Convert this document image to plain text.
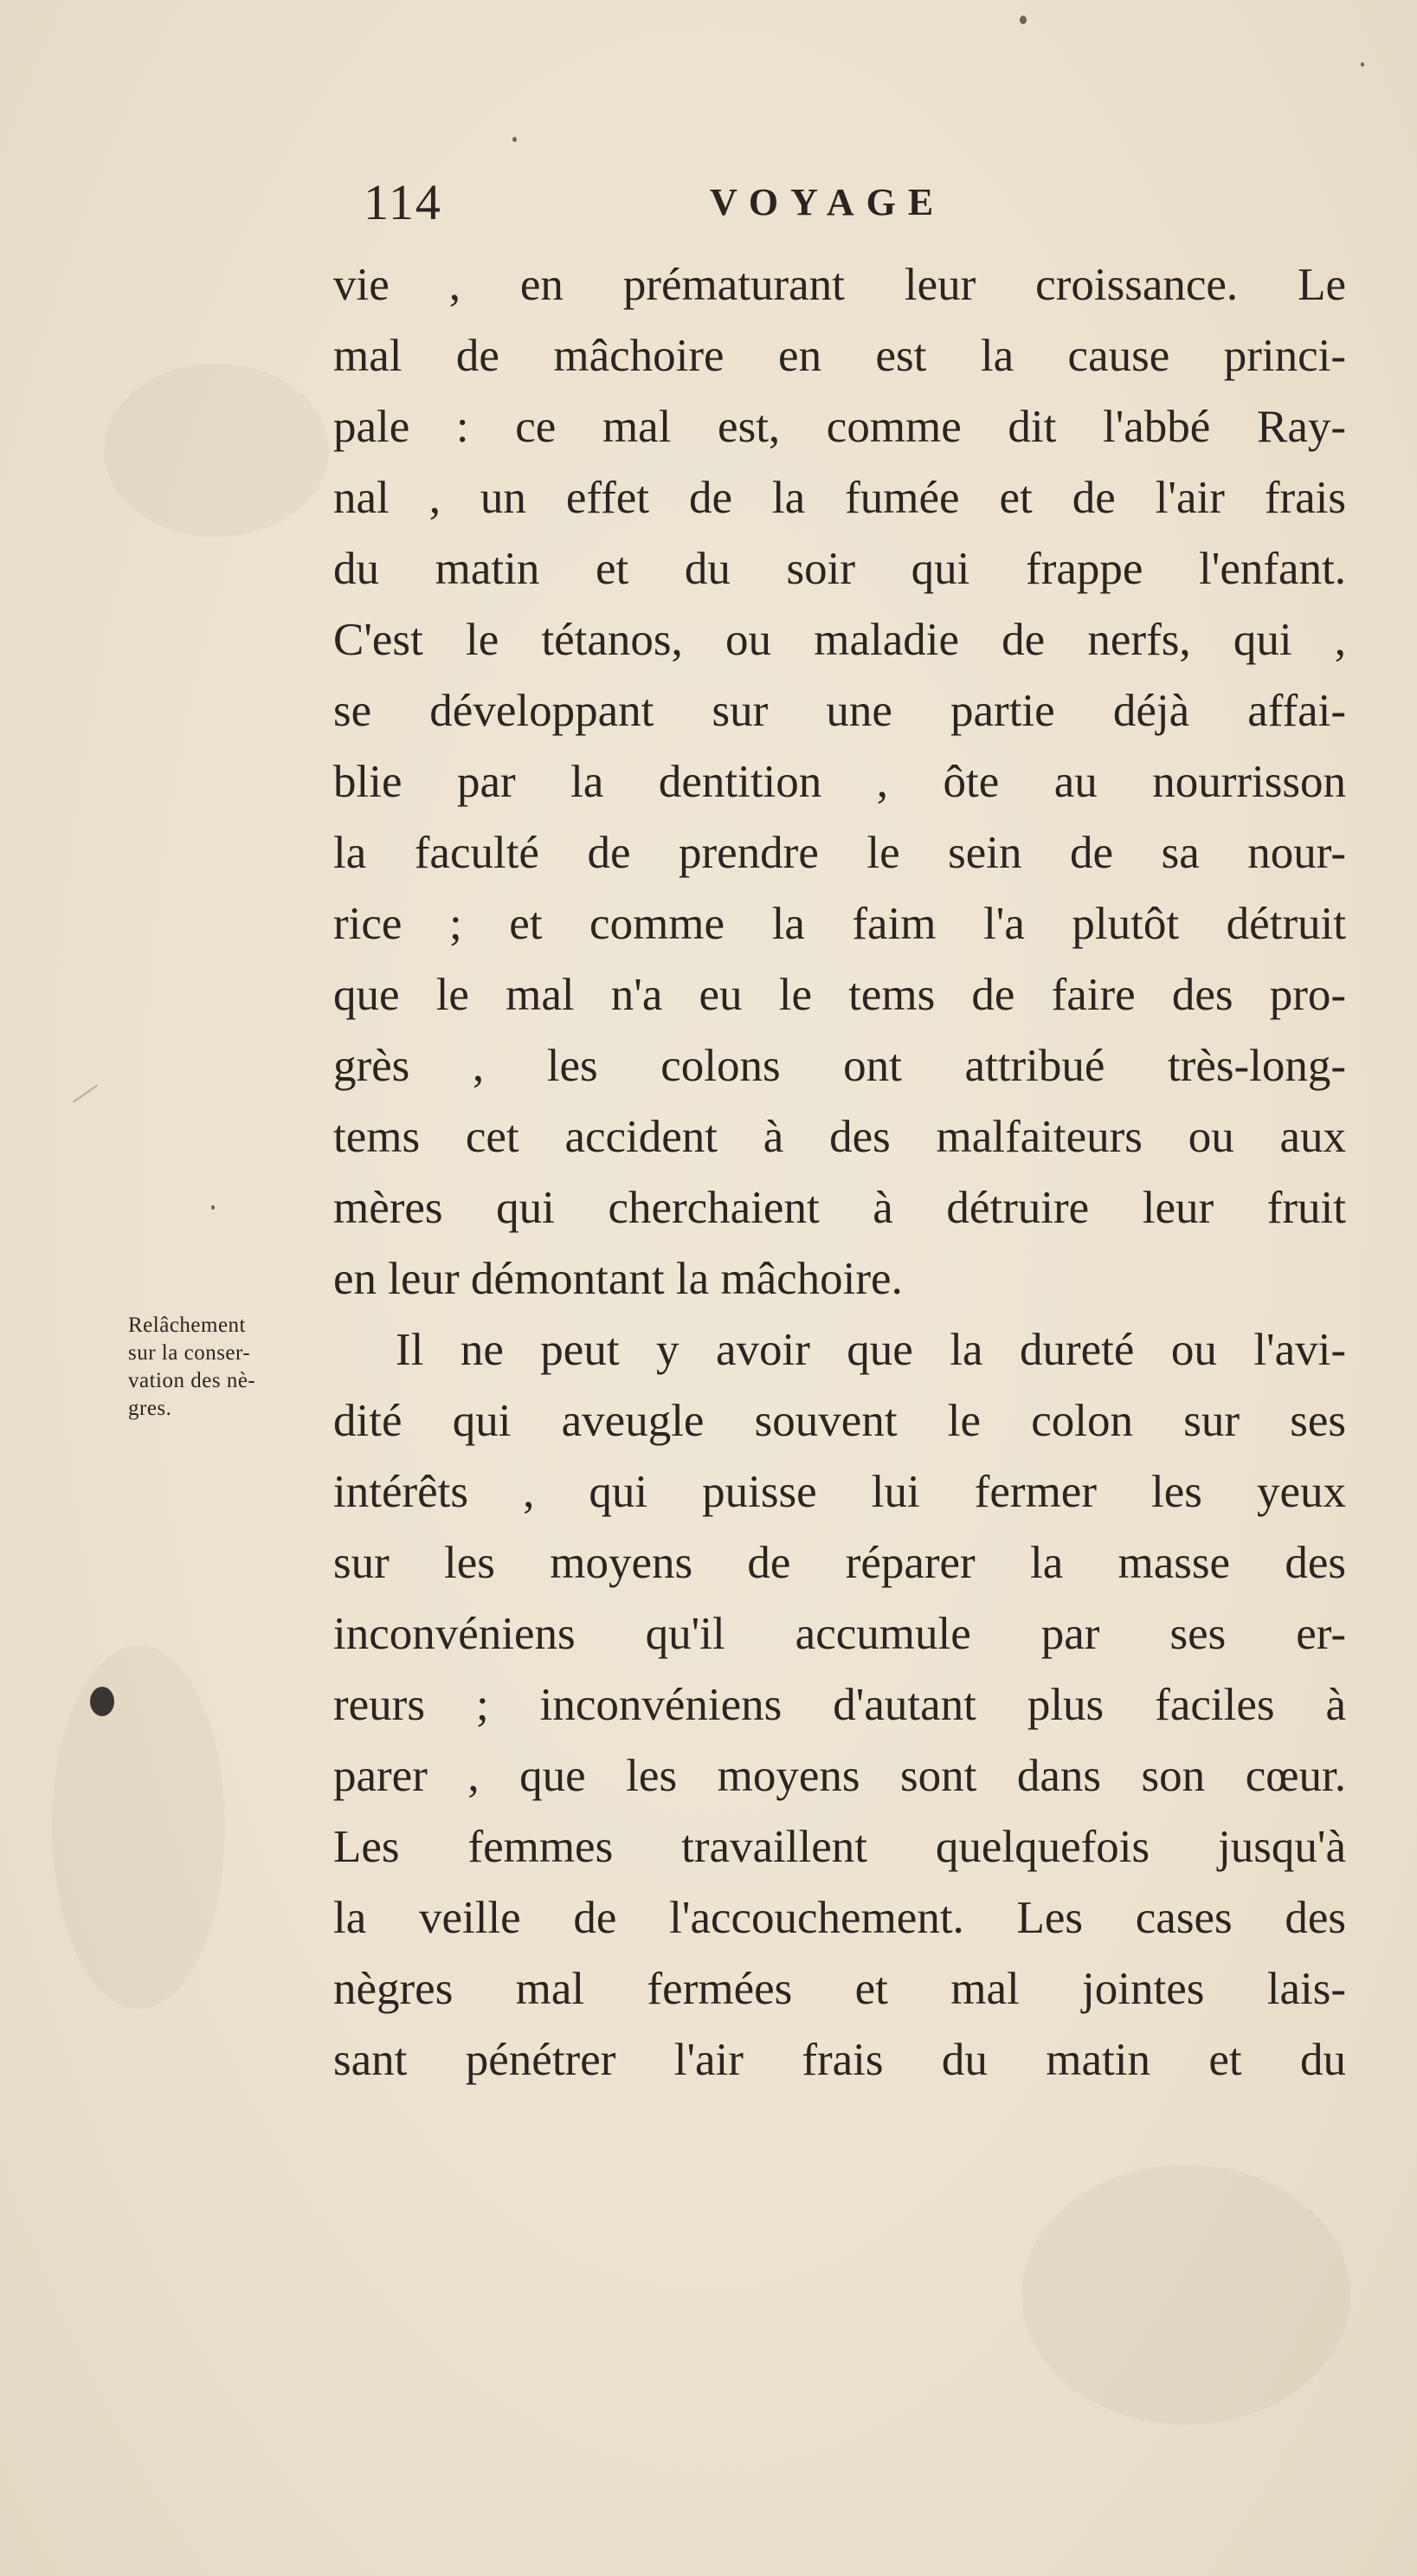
114	VOYAGE
vie , en prématurant leur croissance. Le
mal de mâchoire en est la cause princi-
pale : ce mal est, comme dit l'abbé Ray-
nal , un effet de la fumée et de l'air frais
du matin et du soir qui frappe l'enfant.
C'est le tétanos, ou maladie de nerfs, qui ,
se développant sur une partie déjà affai-
blie par la dentition , ôte au nourrisson
la faculté de prendre le sein de sa nour-
rice ; et comme la faim l'a plutôt détruit
que le mal n'a eu le tems de faire des pro-
grès , les colons ont attribué très-long-
tems cet accident à des malfaiteurs ou aux
mères qui cherchaient à détruire leur fruit
en leur démontant la mâchoire.
Il ne peut y avoir que la dureté ou l'avi-
dité qui aveugle souvent le colon sur ses
intérêts , qui puisse lui fermer les yeux
sur les moyens de réparer la masse des
inconvéniens qu'il accumule par ses er-
reurs ; inconvéniens d'autant plus faciles à
parer , que les moyens sont dans son cœur.
Les femmes travaillent quelquefois jusqu'à
la veille de l'accouchement. Les cases des
nègres mal fermées et mal jointes lais-
sant pénétrer l'air frais du matin et du
Relâchement
sur la conser-
vation des nè-
gres.
